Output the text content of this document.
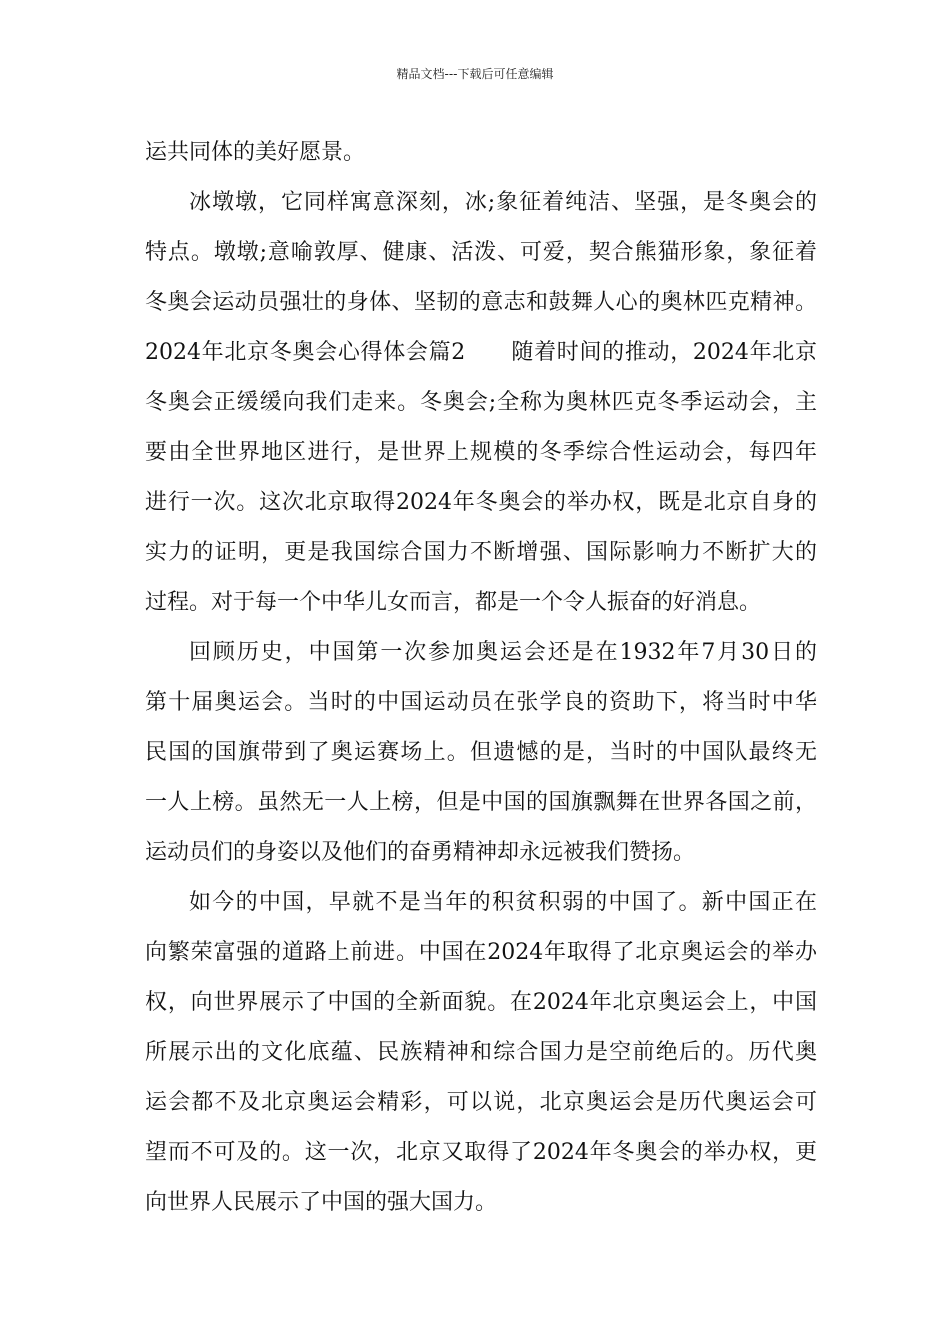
精品文档---下载后可任意编辑
运共同体的美好愿景。
冰墩墩，它同样寓意深刻，冰;象征着纯洁、坚强，是冬奥会的
特点。墩墩;意喻敦厚、健康、活泼、可爱，契合熊猫形象，象征着
冬奥会运动员强壮的身体、坚韧的意志和鼓舞人心的奥林匹克精神。
2024年北京冬奥会心得体会篇2　　随着时间的推动，2024年北京
冬奥会正缓缓向我们走来。冬奥会;全称为奥林匹克冬季运动会，主
要由全世界地区进行，是世界上规模的冬季综合性运动会，每四年
进行一次。这次北京取得2024年冬奥会的举办权，既是北京自身的
实力的证明，更是我国综合国力不断增强、国际影响力不断扩大的
过程。对于每一个中华儿女而言，都是一个令人振奋的好消息。
回顾历史，中国第一次参加奥运会还是在1932年7月30日的
第十届奥运会。当时的中国运动员在张学良的资助下，将当时中华
民国的国旗带到了奥运赛场上。但遗憾的是，当时的中国队最终无
一人上榜。虽然无一人上榜，但是中国的国旗飘舞在世界各国之前，
运动员们的身姿以及他们的奋勇精神却永远被我们赞扬。
如今的中国，早就不是当年的积贫积弱的中国了。新中国正在
向繁荣富强的道路上前进。中国在2024年取得了北京奥运会的举办
权，向世界展示了中国的全新面貌。在2024年北京奥运会上，中国
所展示出的文化底蕴、民族精神和综合国力是空前绝后的。历代奥
运会都不及北京奥运会精彩，可以说，北京奥运会是历代奥运会可
望而不可及的。这一次，北京又取得了2024年冬奥会的举办权，更
向世界人民展示了中国的强大国力。
